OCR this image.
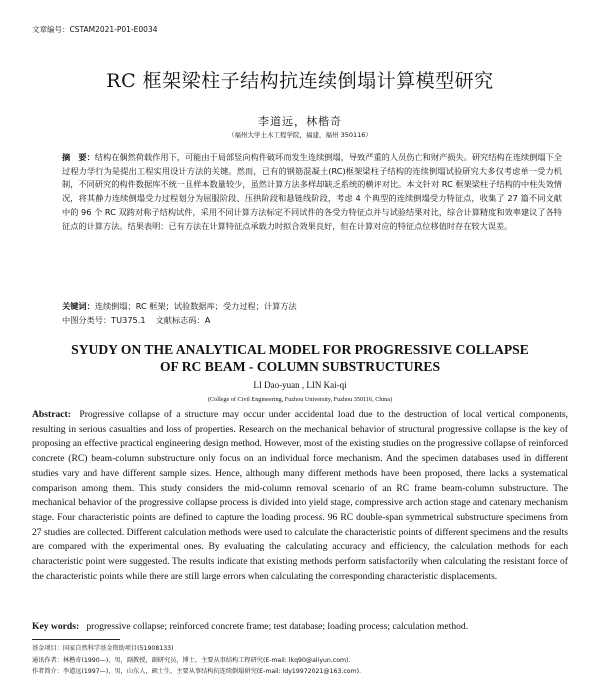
文章编号：CSTAM2021-P01-E0034
RC 框架梁柱子结构抗连续倒塌计算模型研究
李道远，林楷奇
（福州大学土木工程学院，福建，福州 350116）
摘　要：结构在偶然荷载作用下，可能由于局部竖向构件破坏而发生连续倒塌，导致严重的人员伤亡和财产损失。研究结构在连续倒塌下全过程力学行为是提出工程实用设计方法的关键。然而，已有的钢筋混凝土(RC)框架梁柱子结构的连续倒塌试验研究大多仅考虑单一受力机制，不同研究的构件数据库不统一且样本数量较少，虽然计算方法多样却缺乏系统的横评对比。本文针对 RC 框架梁柱子结构的中柱失效情况，将其静力连续倒塌受力过程划分为屈服阶段、压拱阶段和悬链线阶段，考虑 4 个典型的连续倒塌受力特征点，收集了 27 篇不同文献中的 96 个 RC 双跨对称子结构试件，采用不同计算方法标定不同试件的各受力特征点并与试验结果对比，综合计算精度和效率建议了各特征点的计算方法。结果表明：已有方法在计算特征点承载力时拟合效果良好，但在计算对应的特征点位移值时存在较大误差。
关键词：连续倒塌；RC 框架；试验数据库；受力过程；计算方法
中图分类号：TU375.1 文献标志码：A
SYUDY ON THE ANALYTICAL MODEL FOR PROGRESSIVE COLLAPSE
OF RC BEAM - COLUMN SUBSTRUCTURES
LI Dao-yuan , LIN Kai-qi
(College of Civil Engineering, Fuzhou University, Fuzhou 350116, China)
Abstract: Progressive collapse of a structure may occur under accidental load due to the destruction of local vertical components, resulting in serious casualties and loss of properties. Research on the mechanical behavior of structural progressive collapse is the key of proposing an effective practical engineering design method. However, most of the existing studies on the progressive collapse of reinforced concrete (RC) beam-column substructure only focus on an individual force mechanism. And the specimen databases used in different studies vary and have different sample sizes. Hence, although many different methods have been proposed, there lacks a systematical comparison among them. This study considers the mid-column removal scenario of an RC frame beam-column substructure. The mechanical behavior of the progressive collapse process is divided into yield stage, compressive arch action stage and catenary mechanism stage. Four characteristic points are defined to capture the loading process. 96 RC double-span symmetrical substructure specimens from 27 studies are collected. Different calculation methods were used to calculate the characteristic points of different specimens and the results are compared with the experimental ones. By evaluating the calculating accuracy and efficiency, the calculation methods for each characteristic point were suggested. The results indicate that existing methods perform satisfactorily when calculating the resistant force of the characteristic points while there are still large errors when calculating the corresponding characteristic displacements.
Key words: progressive collapse; reinforced concrete frame; test database; loading process; calculation method.
基金项目：国家自然科学基金资助项目(51908133)
通讯作者：林楷奇(1990—)，男，副教授，副研究员，博士，主要从事结构工程研究(E-mail: lkq90@aliyun.com).
作者简介：李道远(1997—)，男，山东人，硕士生，主要从事结构抗连续倒塌研究(E-mail: ldy19972021@163.com).
